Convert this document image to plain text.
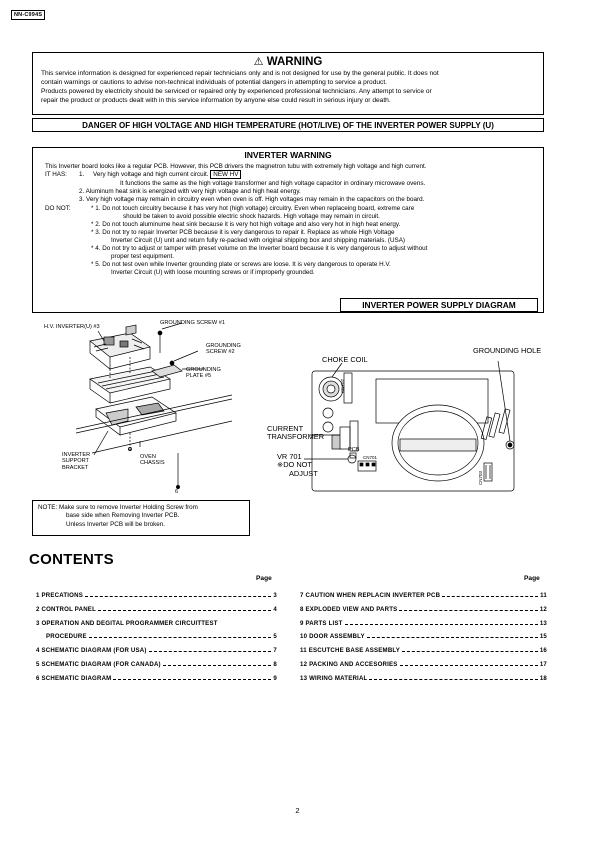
NN-C994S
⚠ WARNING
This service information is designed for experienced repair technicians only and is not designed for use by the general public. It does not
contain warnings or cautions to advise non-technical individuals of potential dangers in attempting to service a product.
Products powered by electricity should be serviced or repaired only by experienced professional technicians. Any attempt to service or
repair the product or products dealt with in this service information by anyone else could result in serious injury or death.
DANGER OF HIGH VOLTAGE AND HIGH TEMPERATURE (HOT/LIVE) OF THE INVERTER POWER SUPPLY (U)
INVERTER WARNING
This Inverter board looks like a regular PCB. However, this PCB drivers the magnetron tubu with extremely high voltage and high current.
IT HAS: 1. Very high voltage and high current circuit. NEW HV
It functions the same as the high voltage transformer and high voltage capacitor in ordinary microwave ovens.
2. Aluminum heat sink is energized with very high voltage and high heat energy.
3. Very high voltage may remain in circuitry even when oven is off. High voltages may remain in the capacitors on the board.
DO NOT:	* 1. Do not touch circuitry because it has very hot (high voltage) circuitry. Even when replaceing board, extreme care
should be taken to avoid possible electric shock hazards. High voltage may remain in circuit.
* 2. Do not touch aluminume heat sink because it is very hot high voltage and also very hot in high heat energy.
* 3. Do not try to repair Inverter PCB because it is very dangerous to repair it. Replace as whole High Voltage
Inverter Circuit (U) unit and return fully re-packed with original shipping box and shipping materials. (USA)
* 4. Do not try to adjust or tamper with preset volume on the Inverter board because it is very dangerous to adjust without
proper test equipment.
* 5. Do not test oven while Inverter grounding plate or screws are loose. It is very dangerous to operate H.V.
Inverter Circuit (U) with loose mounting screws or if improperly grounded.
H.V. INVERTER(U) #3
GROUNDING SCREW #1
GROUNDING
SCREW #2
GROUNDING
PLATE #5
INVERTER
SUPPORT
BRACKET
OVEN
CHASSIS
4
6
CHOKE COIL
GROUNDING HOLE
CURRENT
TRANSFORMER
VR 701
※DO NOT
ADJUST
PCB
CN701
CN702
CN703
INVERTER POWER SUPPLY DIAGRAM
NOTE: Make sure to remove Inverter Holding Screw from
base side when Removing Inverter PCB.
Unless Inverter PCB will be broken.
CONTENTS
Page	Page
1 PRECATIONS	3
2 CONTROL PANEL	4
3 OPERATION AND DEGITAL PROGRAMMER CIRCUITTEST
PROCEDURE	5
4 SCHEMATIC DIAGRAM (FOR USA)	7
5 SCHEMATIC DIAGRAM (FOR CANADA)	8
6 SCHEMATIC DIAGRAM	9
7 CAUTION WHEN REPLACIN INVERTER PCB	11
8 EXPLODED VIEW AND PARTS	12
9 PARTS LIST	13
10 DOOR ASSEMBLY	15
11 ESCUTCHE BASE ASSEMBLY	16
12 PACKING AND ACCESORIES	17
13 WIRING MATERIAL	18
2
